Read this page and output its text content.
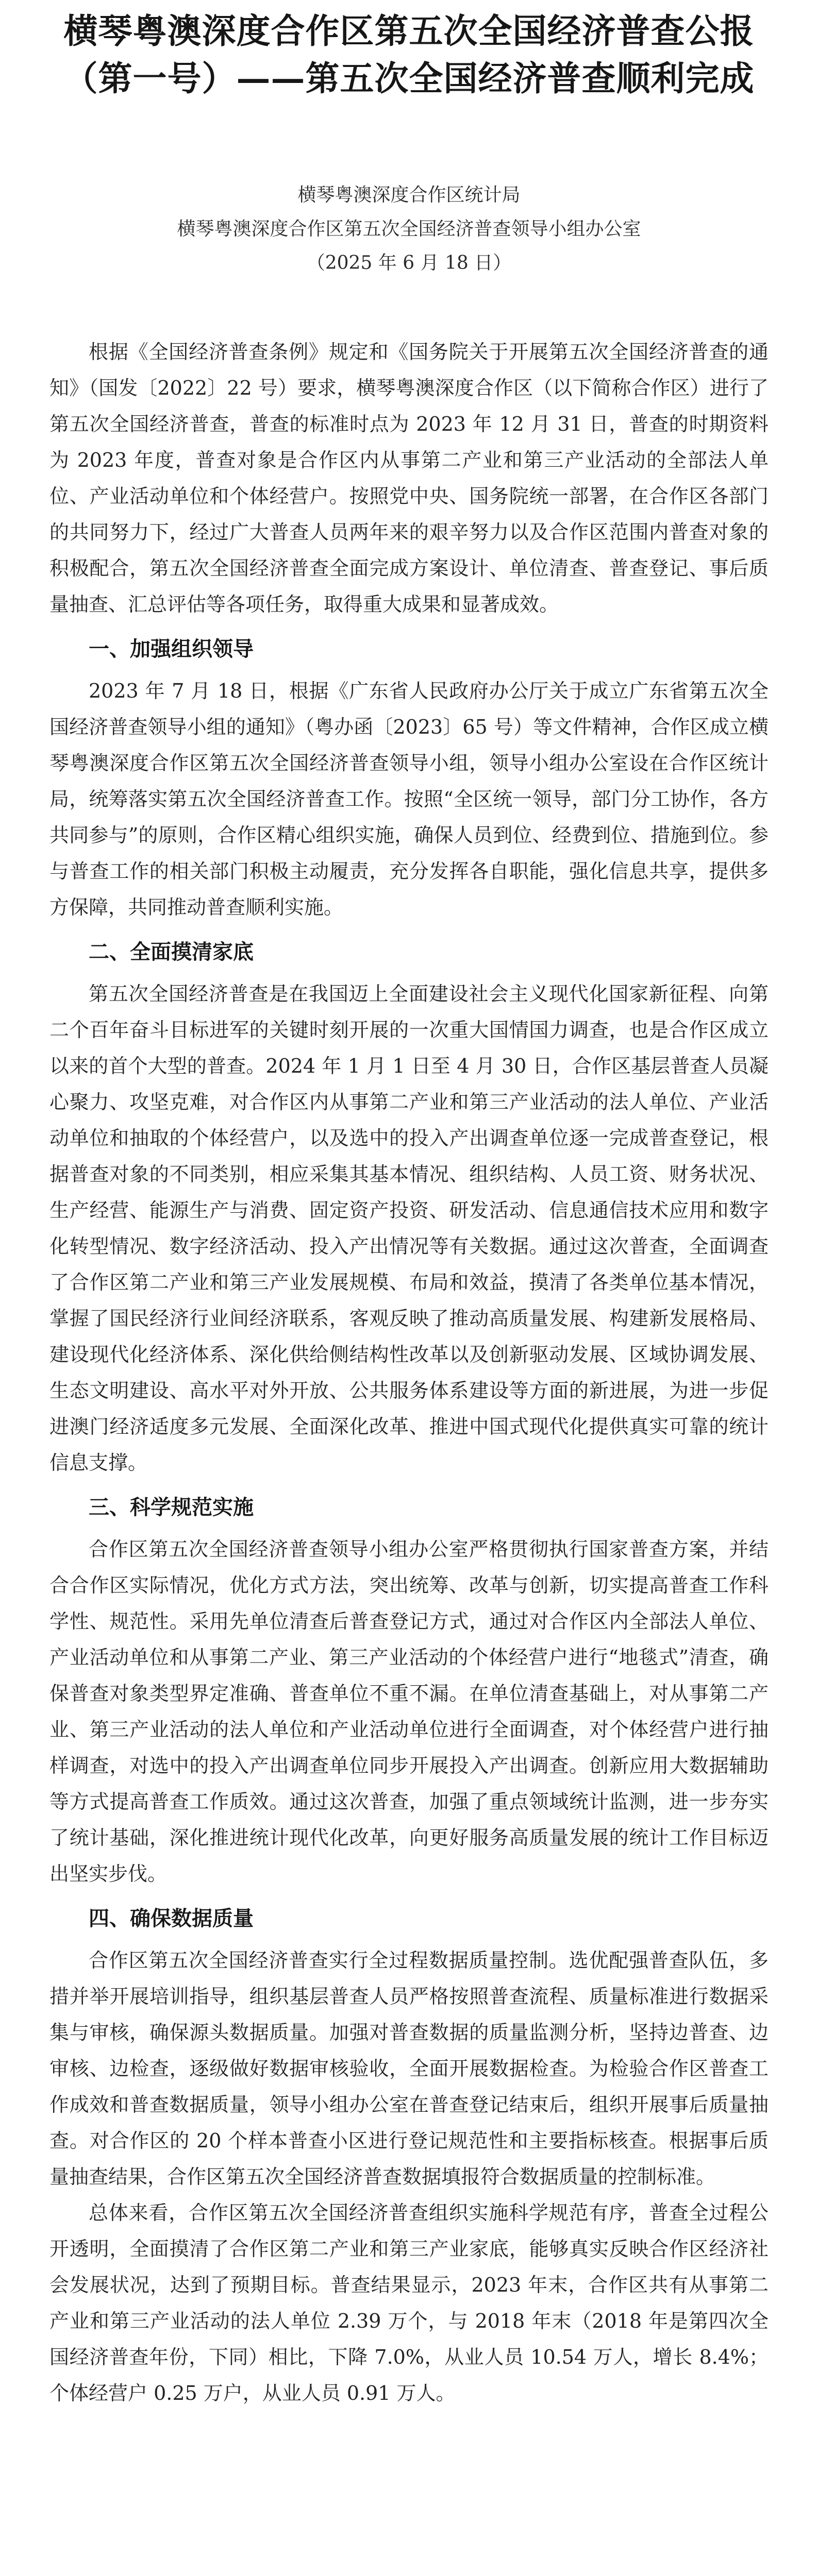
横琴粤澳深度合作区第五次全国经济普查公报
（第一号）——第五次全国经济普查顺利完成
横琴粤澳深度合作区统计局
横琴粤澳深度合作区第五次全国经济普查领导小组办公室
（2025 年 6 月 18 日）

根据《全国经济普查条例》规定和《国务院关于开展第五次全国经济普查的通知》（国发〔2022〕22 号）要求，横琴粤澳深度合作区（以下简称合作区）进行了第五次全国经济普查，普查的标准时点为 2023 年 12 月 31 日，普查的时期资料为 2023 年度，普查对象是合作区内从事第二产业和第三产业活动的全部法人单位、产业活动单位和个体经营户。按照党中央、国务院统一部署，在合作区各部门的共同努力下，经过广大普查人员两年来的艰辛努力以及合作区范围内普查对象的积极配合，第五次全国经济普查全面完成方案设计、单位清查、普查登记、事后质量抽查、汇总评估等各项任务，取得重大成果和显著成效。

一、加强组织领导

2023 年 7 月 18 日，根据《广东省人民政府办公厅关于成立广东省第五次全国经济普查领导小组的通知》（粤办函〔2023〕65 号）等文件精神，合作区成立横琴粤澳深度合作区第五次全国经济普查领导小组，领导小组办公室设在合作区统计局，统筹落实第五次全国经济普查工作。按照“全区统一领导，部门分工协作，各方共同参与”的原则，合作区精心组织实施，确保人员到位、经费到位、措施到位。参与普查工作的相关部门积极主动履责，充分发挥各自职能，强化信息共享，提供多方保障，共同推动普查顺利实施。

二、全面摸清家底

第五次全国经济普查是在我国迈上全面建设社会主义现代化国家新征程、向第二个百年奋斗目标进军的关键时刻开展的一次重大国情国力调查，也是合作区成立以来的首个大型的普查。2024 年 1 月 1 日至 4 月 30 日，合作区基层普查人员凝心聚力、攻坚克难，对合作区内从事第二产业和第三产业活动的法人单位、产业活动单位和抽取的个体经营户，以及选中的投入产出调查单位逐一完成普查登记，根据普查对象的不同类别，相应采集其基本情况、组织结构、人员工资、财务状况、生产经营、能源生产与消费、固定资产投资、研发活动、信息通信技术应用和数字化转型情况、数字经济活动、投入产出情况等有关数据。通过这次普查，全面调查了合作区第二产业和第三产业发展规模、布局和效益，摸清了各类单位基本情况，掌握了国民经济行业间经济联系，客观反映了推动高质量发展、构建新发展格局、建设现代化经济体系、深化供给侧结构性改革以及创新驱动发展、区域协调发展、生态文明建设、高水平对外开放、公共服务体系建设等方面的新进展，为进一步促进澳门经济适度多元发展、全面深化改革、推进中国式现代化提供真实可靠的统计信息支撑。

三、科学规范实施

合作区第五次全国经济普查领导小组办公室严格贯彻执行国家普查方案，并结合合作区实际情况，优化方式方法，突出统筹、改革与创新，切实提高普查工作科学性、规范性。采用先单位清查后普查登记方式，通过对合作区内全部法人单位、产业活动单位和从事第二产业、第三产业活动的个体经营户进行“地毯式”清查，确保普查对象类型界定准确、普查单位不重不漏。在单位清查基础上，对从事第二产业、第三产业活动的法人单位和产业活动单位进行全面调查，对个体经营户进行抽样调查，对选中的投入产出调查单位同步开展投入产出调查。创新应用大数据辅助等方式提高普查工作质效。通过这次普查，加强了重点领域统计监测，进一步夯实了统计基础，深化推进统计现代化改革，向更好服务高质量发展的统计工作目标迈出坚实步伐。

四、确保数据质量

合作区第五次全国经济普查实行全过程数据质量控制。选优配强普查队伍，多措并举开展培训指导，组织基层普查人员严格按照普查流程、质量标准进行数据采集与审核，确保源头数据质量。加强对普查数据的质量监测分析，坚持边普查、边审核、边检查，逐级做好数据审核验收，全面开展数据检查。为检验合作区普查工作成效和普查数据质量，领导小组办公室在普查登记结束后，组织开展事后质量抽查。对合作区的 20 个样本普查小区进行登记规范性和主要指标核查。根据事后质量抽查结果，合作区第五次全国经济普查数据填报符合数据质量的控制标准。

总体来看，合作区第五次全国经济普查组织实施科学规范有序，普查全过程公开透明，全面摸清了合作区第二产业和第三产业家底，能够真实反映合作区经济社会发展状况，达到了预期目标。普查结果显示，2023 年末，合作区共有从事第二产业和第三产业活动的法人单位 2.39 万个，与 2018 年末（2018 年是第四次全国经济普查年份，下同）相比，下降 7.0%，从业人员 10.54 万人，增长 8.4%；个体经营户 0.25 万户，从业人员 0.91 万人。
